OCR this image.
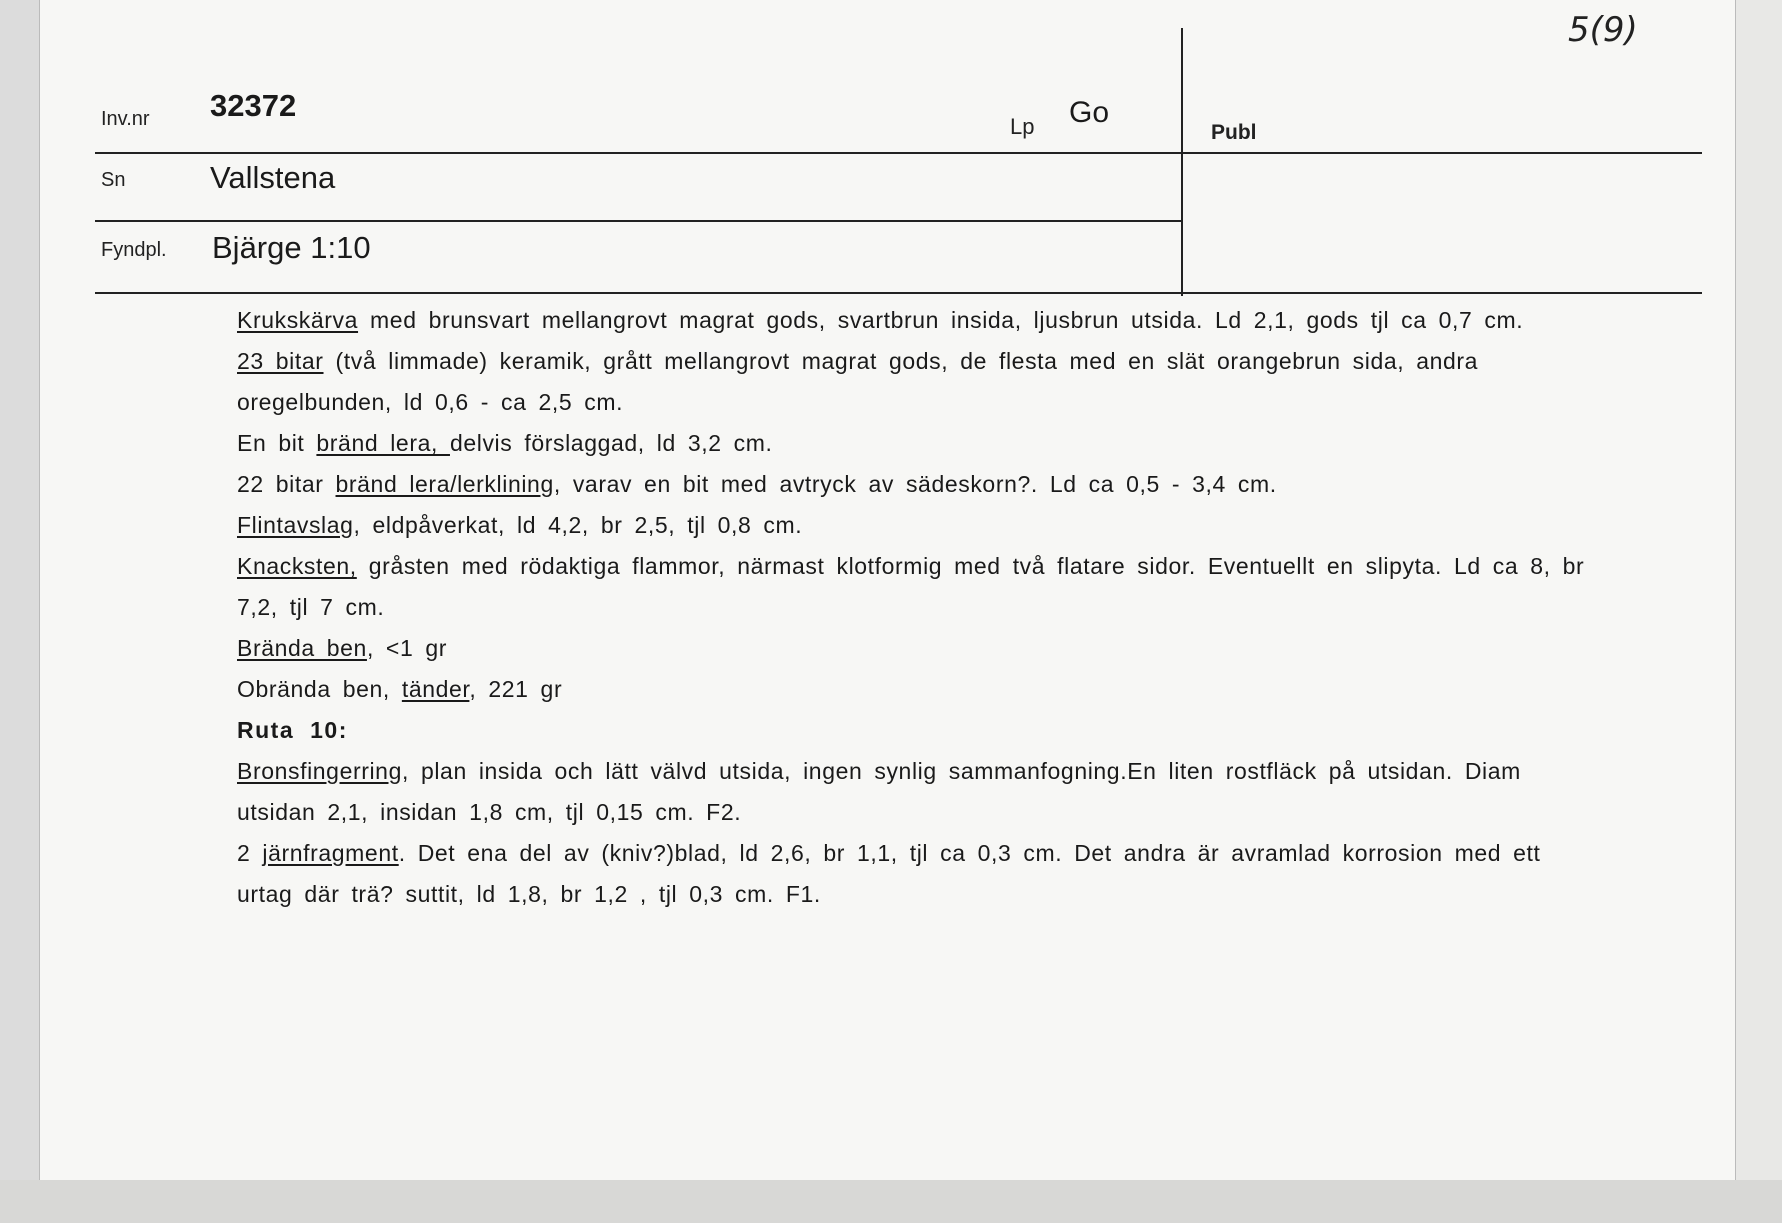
5(9)
Inv.nr 32372
Lp Go
Publ
Sn	Vallstena
Fyndpl. Bjärge 1:10

Krukskärva med brunsvart mellangrovt magrat gods, svartbrun insida, ljusbrun utsida. Ld 2,1, gods tjl ca 0,7 cm.

23 bitar (två limmade) keramik, grått mellangrovt magrat gods, de flesta med en slät orangebrun sida, andra oregelbunden, ld 0,6 - ca 2,5 cm.

En bit bränd lera, delvis förslaggad, ld 3,2 cm.

22 bitar bränd lera/lerklining, varav en bit med avtryck av sädeskorn?. Ld ca 0,5 - 3,4 cm.

Flintavslag, eldpåverkat, ld 4,2, br 2,5, tjl 0,8 cm.

Knacksten, gråsten med rödaktiga flammor, närmast klotformig med två flatare sidor. Eventuellt en slipyta. Ld ca 8, br 7,2, tjl 7 cm.

Brända ben, <1 gr

Obrända ben, tänder, 221 gr

Ruta 10:

Bronsfingerring, plan insida och lätt välvd utsida, ingen synlig sammanfogning.En liten rostfläck på utsidan. Diam utsidan 2,1, insidan 1,8 cm, tjl 0,15 cm. F2.

2 järnfragment. Det ena del av (kniv?)blad, ld 2,6, br 1,1, tjl ca 0,3 cm. Det andra är avramlad korrosion med ett urtag där trä? suttit, ld 1,8, br 1,2 , tjl 0,3 cm. F1.
